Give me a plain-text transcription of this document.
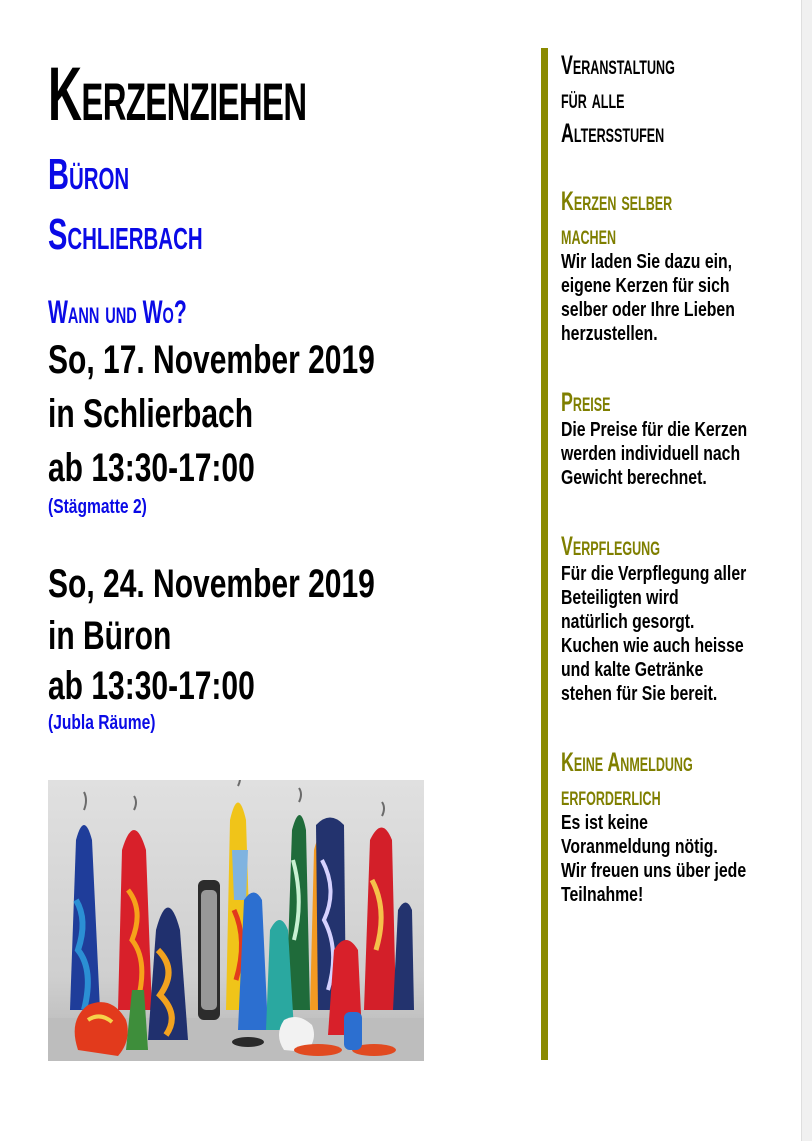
Kerzenziehen
Büron
Schlierbach
Wann und Wo?
So, 17. November 2019
in Schlierbach
ab 13:30-17:00
(Stägmatte 2)
So, 24. November 2019
in Büron
ab 13:30-17:00
(Jubla Räume)
Veranstaltung
für alle
Altersstufen
Kerzen selber
machen
Wir laden Sie dazu ein,
eigene Kerzen für sich
selber oder Ihre Lieben
herzustellen.
Preise
Die Preise für die Kerzen
werden individuell nach
Gewicht berechnet.
Verpflegung
Für die Verpflegung aller
Beteiligten wird
natürlich gesorgt.
Kuchen wie auch heisse
und kalte Getränke
stehen für Sie bereit.
Keine Anmeldung
erforderlich
Es ist keine
Voranmeldung nötig.
Wir freuen uns über jede
Teilnahme!
